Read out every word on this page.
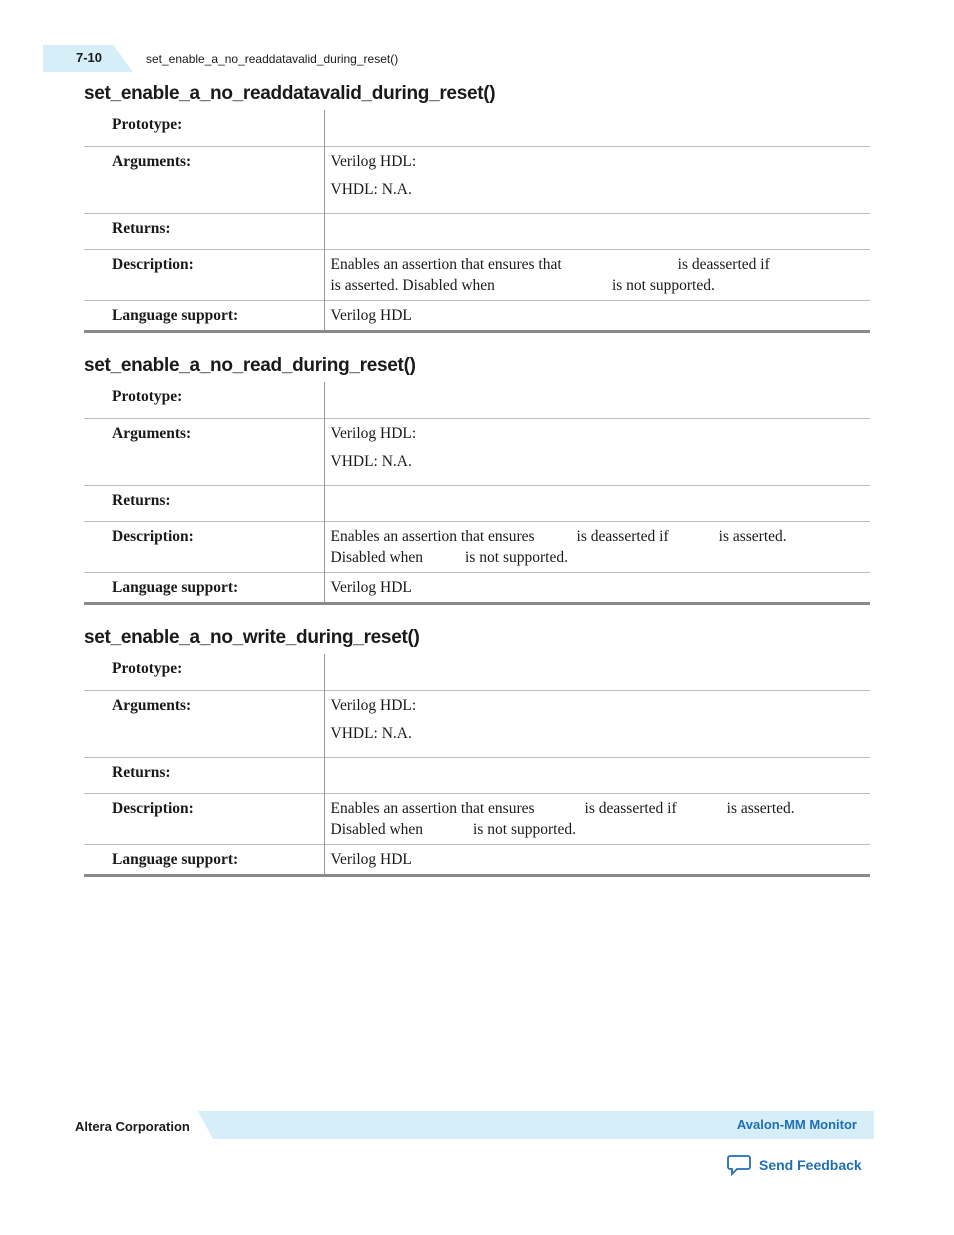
7-10	set_enable_a_no_readdatavalid_during_reset()
set_enable_a_no_readdatavalid_during_reset()
Prototype:	
Arguments:	Verilog HDL:
VHDL: N.A.

Returns:	
Description:	Enables an assertion that ensures that is deasserted if
is asserted. Disabled when is not supported.

Language support:	Verilog HDL
set_enable_a_no_read_during_reset()
Prototype:	
Arguments:	Verilog HDL:
VHDL: N.A.

Returns:	
Description:	Enables an assertion that ensures is deasserted if is asserted.
Disabled when is not supported.

Language support:	Verilog HDL
set_enable_a_no_write_during_reset()
Prototype:	
Arguments:	Verilog HDL:
VHDL: N.A.

Returns:	
Description:	Enables an assertion that ensures is deasserted if is asserted.
Disabled when is not supported.

Language support:	Verilog HDL
Altera Corporation	Avalon-MM Monitor
Send Feedback
